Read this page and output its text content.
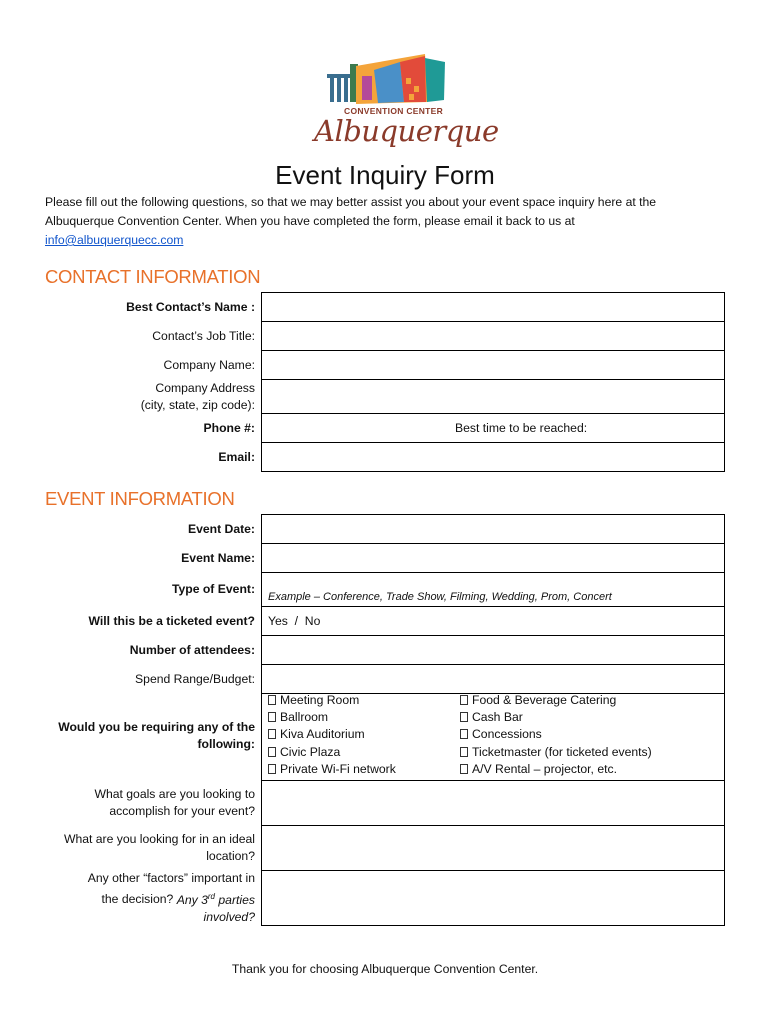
CONVENTION CENTER
Albuquerque
Event Inquiry Form
Please fill out the following questions, so that we may better assist you about your event space inquiry here at the Albuquerque Convention Center. When you have completed the form, please email it back to us at
info@albuquerquecc.com
CONTACT INFORMATION
Best Contact’s Name :
Contact’s Job Title:
Company Name:
Company Address
(city, state, zip code):
Phone #:	Best time to be reached:
Email:
EVENT INFORMATION
Event Date:
Event Name:
Type of Event:
Example – Conference, Trade Show, Filming, Wedding, Prom, Concert
Will this be a ticketed event? Yes  /  No
Number of attendees:
Spend Range/Budget:
Would you be requiring any of the
following:
Meeting Room
Ballroom
Kiva Auditorium
Civic Plaza
Private Wi-Fi network
Food & Beverage Catering
Cash Bar
Concessions
Ticketmaster (for ticketed events)
A/V Rental – projector, etc.
What goals are you looking to
accomplish for your event?
What are you looking for in an ideal
location?
Any other “factors” important in
the decision? Any 3rd parties
involved?
Thank you for choosing Albuquerque Convention Center.
